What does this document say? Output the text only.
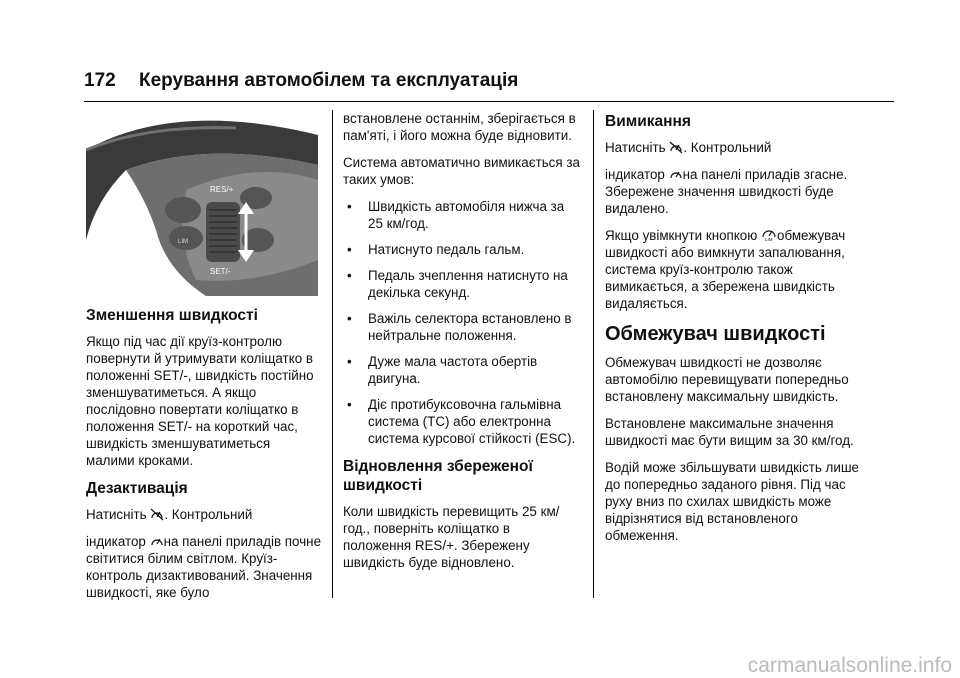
172 Керування автомобілем та експлуатація
RES/+
SET/-
LIM
Зменшення швидкості

Якщо під час дії круїз-контролю повернути й утримувати коліщатко в положенні SET/-, швидкість постійно зменшуватиметься. А якщо послідовно повертати коліщатко в положення SET/- на короткий час, швидкість зменшуватиметься малими кроками.

Дезактивація

Натисніть . Контрольний

індикатор на панелі приладів почне світитися білим світлом. Круїз-контроль дизактивований. Значення швидкості, яке було

встановлене останнім, зберігається в пам'яті, і його можна буде відновити.

Система автоматично вимикається за таких умов:

• Швидкість автомобіля нижча за 25 км/год.
• Натиснуто педаль гальм.
• Педаль зчеплення натиснуто на декілька секунд.
• Важіль селектора встановлено в нейтральне положення.
• Дуже мала частота обертів двигуна.
• Діє протибуксовочна гальмівна система (TC) або електронна система курсової стійкості (ESC).
Відновлення збереженої швидкості

Коли швидкість перевищить 25 км/год., поверніть коліщатко в положення RES/+. Збережену швидкість буде відновлено.

Вимикання

Натисніть . Контрольний

індикатор на панелі приладів згасне. Збережене значення швидкості буде видалено.

Якщо увімкнути кнопкою LIM обмежувач швидкості або вимкнути запалювання, система круїз-контролю також вимикається, а збережена швидкість видаляється.

Обмежувач швидкості

Обмежувач швидкості не дозволяє автомобілю перевищувати попередньо встановлену максимальну швидкість.

Встановлене максимальне значення швидкості має бути вищим за 30 км/год.

Водій може збільшувати швидкість лише до попередньо заданого рівня. Під час руху вниз по схилах швидкість може відрізнятися від встановленого обмеження.

carmanualsonline.info
